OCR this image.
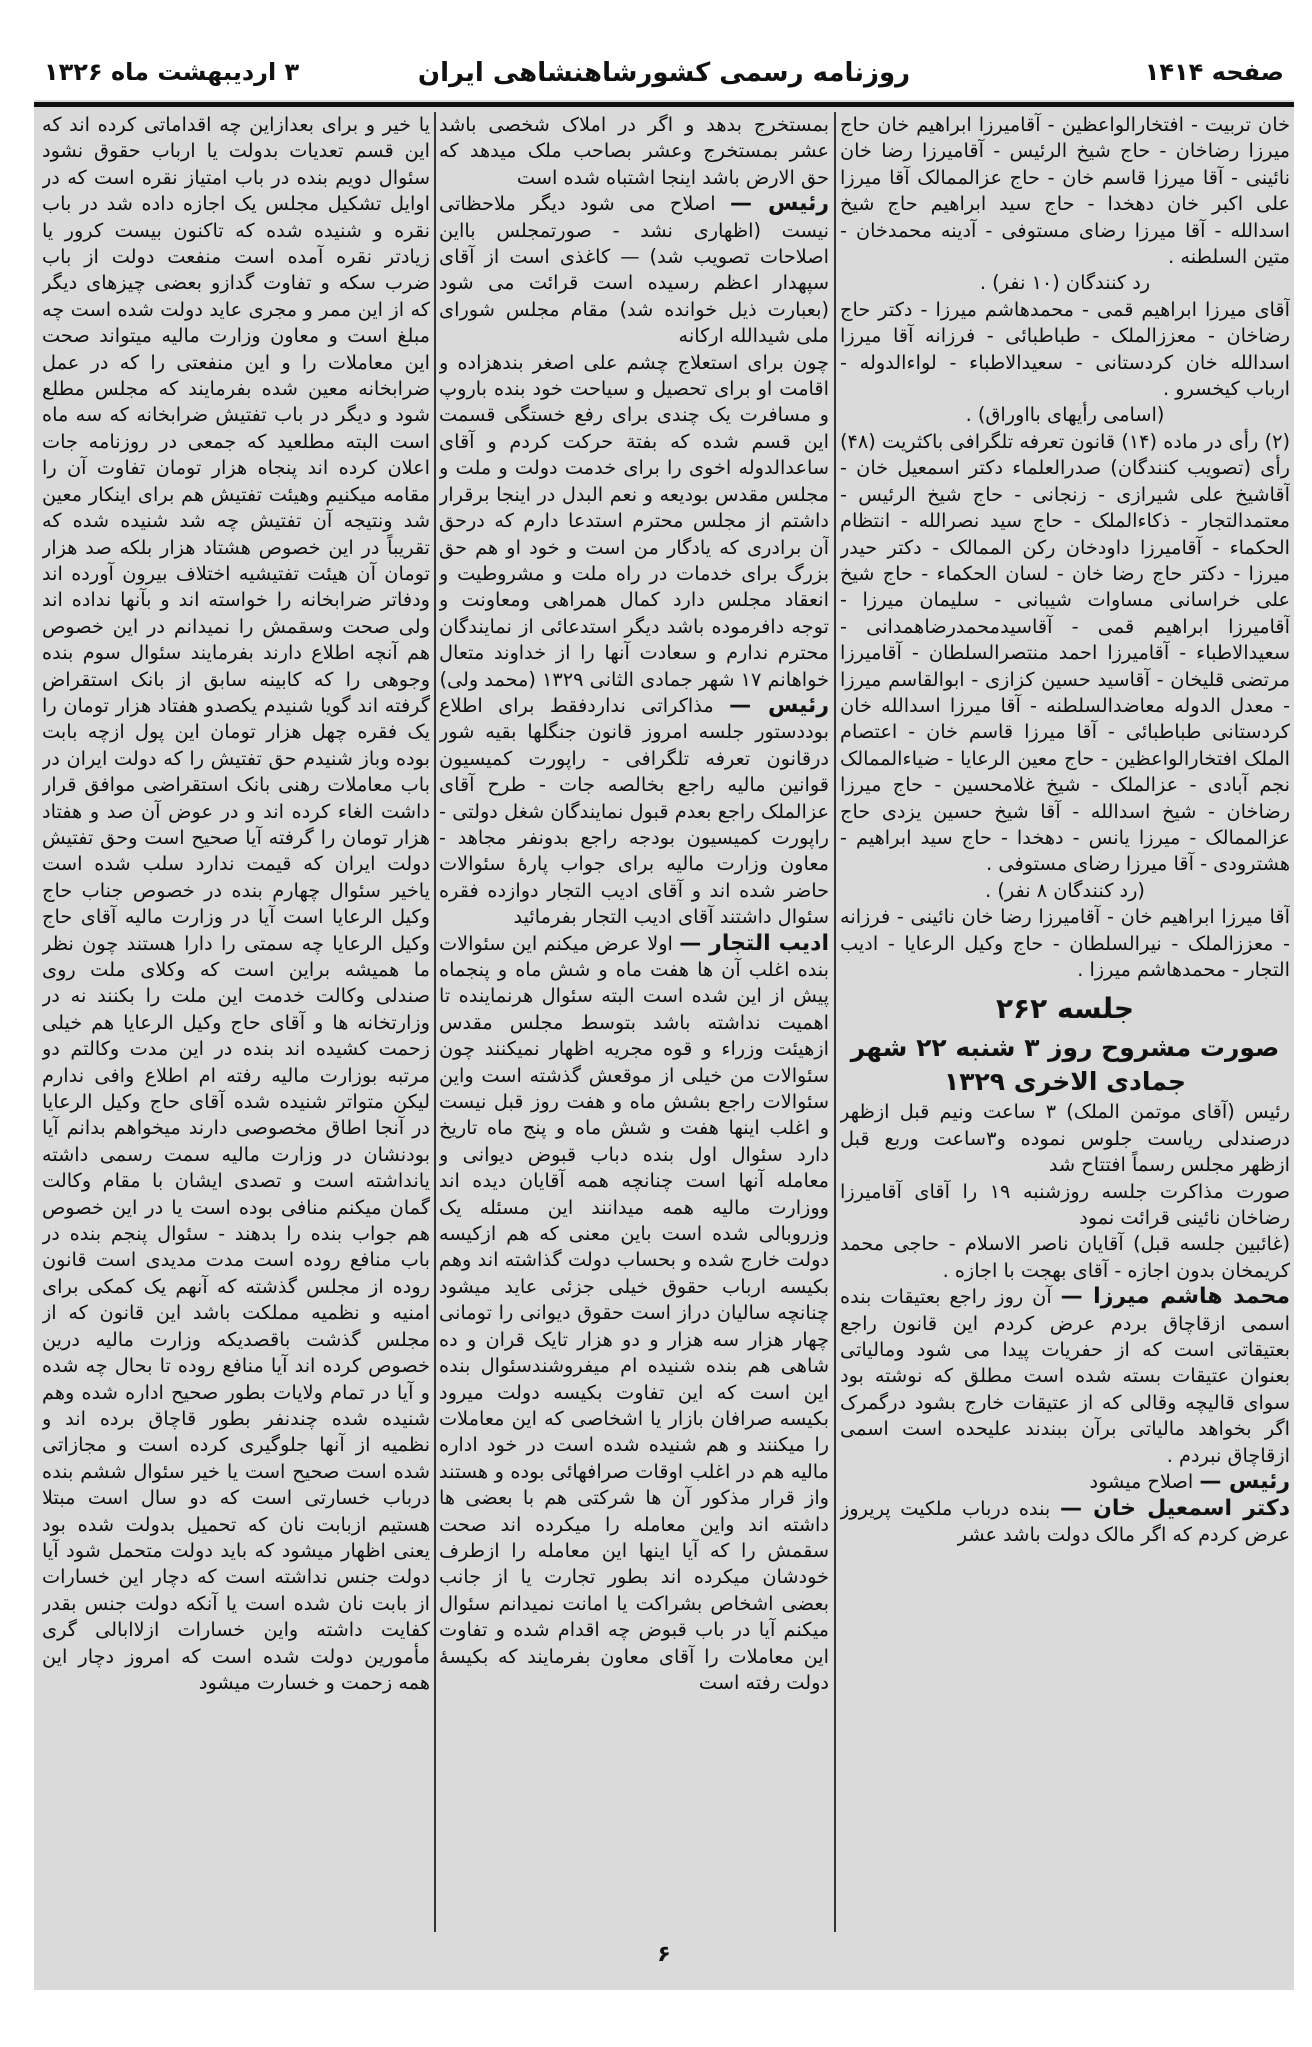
صفحه ۱۴۱۴
روزنامه رسمی کشورشاهنشاهی ایران
۳ اردیبهشت ماه ۱۳۲۶

خان تربیت - افتخارالواعظین - آقامیرزا ابراهیم خان حاج میرزا رضاخان - حاج شیخ الرئیس - آقامیرزا رضا خان نائینی - آقا میرزا قاسم خان - حاج عزالممالک آقا میرزا علی اکبر خان دهخدا - حاج سید ابراهیم حاج شیخ اسدالله - آقا میرزا رضای مستوفی - آدینه محمدخان - متین السلطنه .

رد کنندگان (۱۰ نفر) .

آقای میرزا ابراهیم قمی - محمدهاشم میرزا - دکتر حاج رضاخان - معززالملک - طباطبائی - فرزانه آقا میرزا اسدالله خان کردستانی - سعیدالاطباء - لواءالدوله - ارباب کیخسرو .

(اسامی رأیهای بااوراق) .

(۲) رأی در ماده (۱۴) قانون تعرفه تلگرافی باکثریت (۴۸) رأی (تصویب کنندگان) صدرالعلماء دکتر اسمعیل خان - آقاشیخ علی شیرازی - زنجانی - حاج شیخ الرئیس - معتمدالتجار - ذکاءالملک - حاج سید نصرالله - انتظام الحکماء - آقامیرزا داودخان رکن الممالک - دکتر حیدر میرزا - دکتر حاج رضا خان - لسان الحکماء - حاج شیخ علی خراسانی مساوات شیبانی - سلیمان میرزا - آقامیرزا ابراهیم قمی - آقاسیدمحمدرضاهمدانی - سعیدالاطباء - آقامیرزا احمد منتصرالسلطان - آقامیرزا مرتضی قلیخان - آقاسید حسین کزازی - ابوالقاسم میرزا - معدل الدوله معاضدالسلطنه - آقا میرزا اسدالله خان کردستانی طباطبائی - آقا میرزا قاسم خان - اعتصام الملک افتخارالواعظین - حاج معین الرعایا - ضیاءالممالک نجم آبادی - عزالملک - شیخ غلامحسین - حاج میرزا رضاخان - شیخ اسدالله - آقا شیخ حسین یزدی حاج عزالممالک - میرزا یانس - دهخدا - حاج سید ابراهیم - هشترودی - آقا میرزا رضای مستوفی .

(رد کنندگان ۸ نفر) .

آقا میرزا ابراهیم خان - آقامیرزا رضا خان نائینی - فرزانه - معززالملک - نیرالسلطان - حاج وکیل الرعایا - ادیب التجار - محمدهاشم میرزا .

جلسه ۲۶۲
صورت مشروح روز ۳ شنبه ۲۲ شهر جمادی الاخری ۱۳۲۹

رئیس (آقای موتمن الملک) ۳ ساعت ونیم قبل ازظهر درصندلی ریاست جلوس نموده و۳ساعت وربع قبل ازظهر مجلس رسماً افتتاح شد

صورت مذاکرت جلسه روزشنبه ۱۹ را آقای آقامیرزا رضاخان نائینی قرائت نمود

(غائبین جلسه قبل) آقایان ناصر الاسلام - حاجی محمد کریمخان بدون اجازه - آقای بهجت با اجازه .

محمد هاشم میرزا — آن روز راجع بعتیقات بنده اسمی ازقاچاق بردم عرض کردم این قانون راجع بعتیقاتی است که از حفریات پیدا می شود ومالیاتی بعنوان عتیقات بسته شده است مطلق که نوشته بود سوای قالیچه وقالی که از عتیقات خارج بشود درگمرک اگر بخواهد مالیاتی برآن ببندند علیحده است اسمی ازقاچاق نبردم .

رئیس — اصلاح میشود

دکتر اسمعیل خان — بنده درباب ملکیت پریروز عرض کردم که اگر مالک دولت باشد عشر

بمستخرج بدهد و اگر در املاک شخصی باشد عشر بمستخرج وعشر بصاحب ملک میدهد که حق الارض باشد اینجا اشتباه شده است

رئیس — اصلاح می شود دیگر ملاحظاتی نیست (اظهاری نشد - صورتمجلس بااین اصلاحات تصویب شد) — کاغذی است از آقای سپهدار اعظم رسیده است قرائت می شود (بعبارت ذیل خوانده شد) مقام مجلس شورای ملی شیدالله ارکانه

چون برای استعلاج چشم علی اصغر بندهزاده و اقامت او برای تحصیل و سیاحت خود بنده باروپ و مسافرت یک چندی برای رفع خستگی قسمت این قسم شده که بفتة حرکت کردم و آقای ساعدالدوله اخوی را برای خدمت دولت و ملت و مجلس مقدس بودیعه و نعم البدل در اینجا برقرار داشتم از مجلس محترم استدعا دارم که درحق آن برادری که یادگار من است و خود او هم حق بزرگ برای خدمات در راه ملت و مشروطیت و انعقاد مجلس دارد کمال همراهی ومعاونت و توجه دافرموده باشد دیگر استدعائی از نمایندگان محترم ندارم و سعادت آنها را از خداوند متعال خواهانم ۱۷ شهر جمادی الثانی ۱۳۲۹ (محمد ولی)

رئیس — مذاکراتی نداردفقط برای اطلاع بوددستور جلسه امروز قانون جنگلها بقیه شور درقانون تعرفه تلگرافی - راپورت کمیسیون قوانین مالیه راجع بخالصه جات - طرح آقای عزالملک راجع بعدم قبول نمایندگان شغل دولتی - راپورت کمیسیون بودجه راجع بدونفر مجاهد - معاون وزارت مالیه برای جواب پارهٔ سئوالات حاضر شده اند و آقای ادیب التجار دوازده فقره سئوال داشتند آقای ادیب التجار بفرمائید

ادیب التجار — اولا عرض میکنم این سئوالات بنده اغلب آن ها هفت ماه و شش ماه و پنجماه پیش از این شده است البته سئوال هرنماینده تا اهمیت نداشته باشد بتوسط مجلس مقدس ازهیئت وزراء و قوه مجریه اظهار نمیکنند چون سئوالات من خیلی از موقعش گذشته است واین سئوالات راجع بشش ماه و هفت روز قبل نیست و اغلب اینها هفت و شش ماه و پنج ماه تاریخ دارد سئوال اول بنده دباب قبوض دیوانی و معامله آنها است چنانچه همه آقایان دیده اند ووزارت مالیه همه میدانند این مسئله یک وزروبالی شده است باین معنی که هم ازکیسه دولت خارج شده و بحساب دولت گذاشته اند وهم بکیسه ارباب حقوق خیلی جزئی عاید میشود چنانچه سالیان دراز است حقوق دیوانی را تومانی چهار هزار سه هزار و دو هزار تایک قران و ده شاهی هم بنده شنیده ام میفروشندسئوال بنده این است که این تفاوت بکیسه دولت میرود بکیسه صرافان بازار یا اشخاصی که این معاملات را میکنند و هم شنیده شده است در خود اداره مالیه هم در اغلب اوقات صرافهائی بوده و هستند واز قرار مذکور آن ها شرکتی هم با بعضی ها داشته اند واین معامله را میکرده اند صحت سقمش را که آیا اینها این معامله را ازطرف خودشان میکرده اند بطور تجارت یا از جانب بعضی اشخاص بشراکت یا امانت نمیدانم سئوال میکنم آیا در باب قبوض چه اقدام شده و تفاوت این معاملات را آقای معاون بفرمایند که بکیسهٔ دولت رفته است

یا خیر و برای بعدازاین چه اقداماتی کرده اند که این قسم تعدیات بدولت یا ارباب حقوق نشود سئوال دویم بنده در باب امتیاز نقره است که در اوایل تشکیل مجلس یک اجازه داده شد در باب نقره و شنیده شده که تاکنون بیست کرور یا زیادتر نقره آمده است منفعت دولت از باب ضرب سکه و تفاوت گدازو بعضی چیزهای دیگر که از این ممر و مجری عاید دولت شده است چه مبلغ است و معاون وزارت مالیه میتواند صحت این معاملات را و این منفعتی را که در عمل ضرابخانه معین شده بفرمایند که مجلس مطلع شود و دیگر در باب تفتیش ضرابخانه که سه ماه است البته مطلعید که جمعی در روزنامه جات اعلان کرده اند پنجاه هزار تومان تفاوت آن را مقامه میکنیم وهیئت تفتیش هم برای اینکار معین شد ونتیجه آن تفتیش چه شد شنیده شده که تقریباً در این خصوص هشتاد هزار بلکه صد هزار تومان آن هیئت تفتیشیه اختلاف بیرون آورده اند ودفاتر ضرابخانه را خواسته اند و بآنها نداده اند ولی صحت وسقمش را نمیدانم در این خصوص هم آنچه اطلاع دارند بفرمایند سئوال سوم بنده وجوهی را که کابینه سابق از بانک استقراض گرفته اند گویا شنیدم یکصدو هفتاد هزار تومان را یک فقره چهل هزار تومان این پول ازچه بابت بوده وباز شنیدم حق تفتیش را که دولت ایران در باب معاملات رهنی بانک استقراضی موافق قرار داشت الغاء کرده اند و در عوض آن صد و هفتاد هزار تومان را گرفته آیا صحیح است وحق تفتیش دولت ایران که قیمت ندارد سلب شده است یاخیر سئوال چهارم بنده در خصوص جناب حاج وکیل الرعایا است آیا در وزارت مالیه آقای حاج وکیل الرعایا چه سمتی را دارا هستند چون نظر ما همیشه براین است که وکلای ملت روی صندلی وکالت خدمت این ملت را بکنند نه در وزارتخانه ها و آقای حاج وکیل الرعایا هم خیلی زحمت کشیده اند بنده در این مدت وکالتم دو مرتبه بوزارت مالیه رفته ام اطلاع وافی ندارم لیکن متواتر شنیده شده آقای حاج وکیل الرعایا در آنجا اطاق مخصوصی دارند میخواهم بدانم آیا بودنشان در وزارت مالیه سمت رسمی داشته یانداشته است و تصدی ایشان با مقام وکالت گمان میکنم منافی بوده است یا در این خصوص هم جواب بنده را بدهند - سئوال پنجم بنده در باب منافع روده است مدت مدیدی است قانون روده از مجلس گذشته که آنهم یک کمکی برای امنیه و نظمیه مملکت باشد این قانون که از مجلس گذشت باقصدیکه وزارت مالیه درین خصوص کرده اند آیا منافع روده تا بحال چه شده و آیا در تمام ولایات بطور صحیح اداره شده وهم شنیده شده چندنفر بطور قاچاق برده اند و نظمیه از آنها جلوگیری کرده است و مجازاتی شده است صحیح است یا خیر سئوال ششم بنده درباب خسارتی است که دو سال است مبتلا هستیم ازبابت نان که تحمیل بدولت شده بود یعنی اظهار میشود که باید دولت متحمل شود آیا دولت جنس نداشته است که دچار این خسارات از بابت نان شده است یا آنکه دولت جنس بقدر کفایت داشته واین خسارات ازلاابالی گری مأمورین دولت شده است که امروز دچار این همه زحمت و خسارت میشود

۶
